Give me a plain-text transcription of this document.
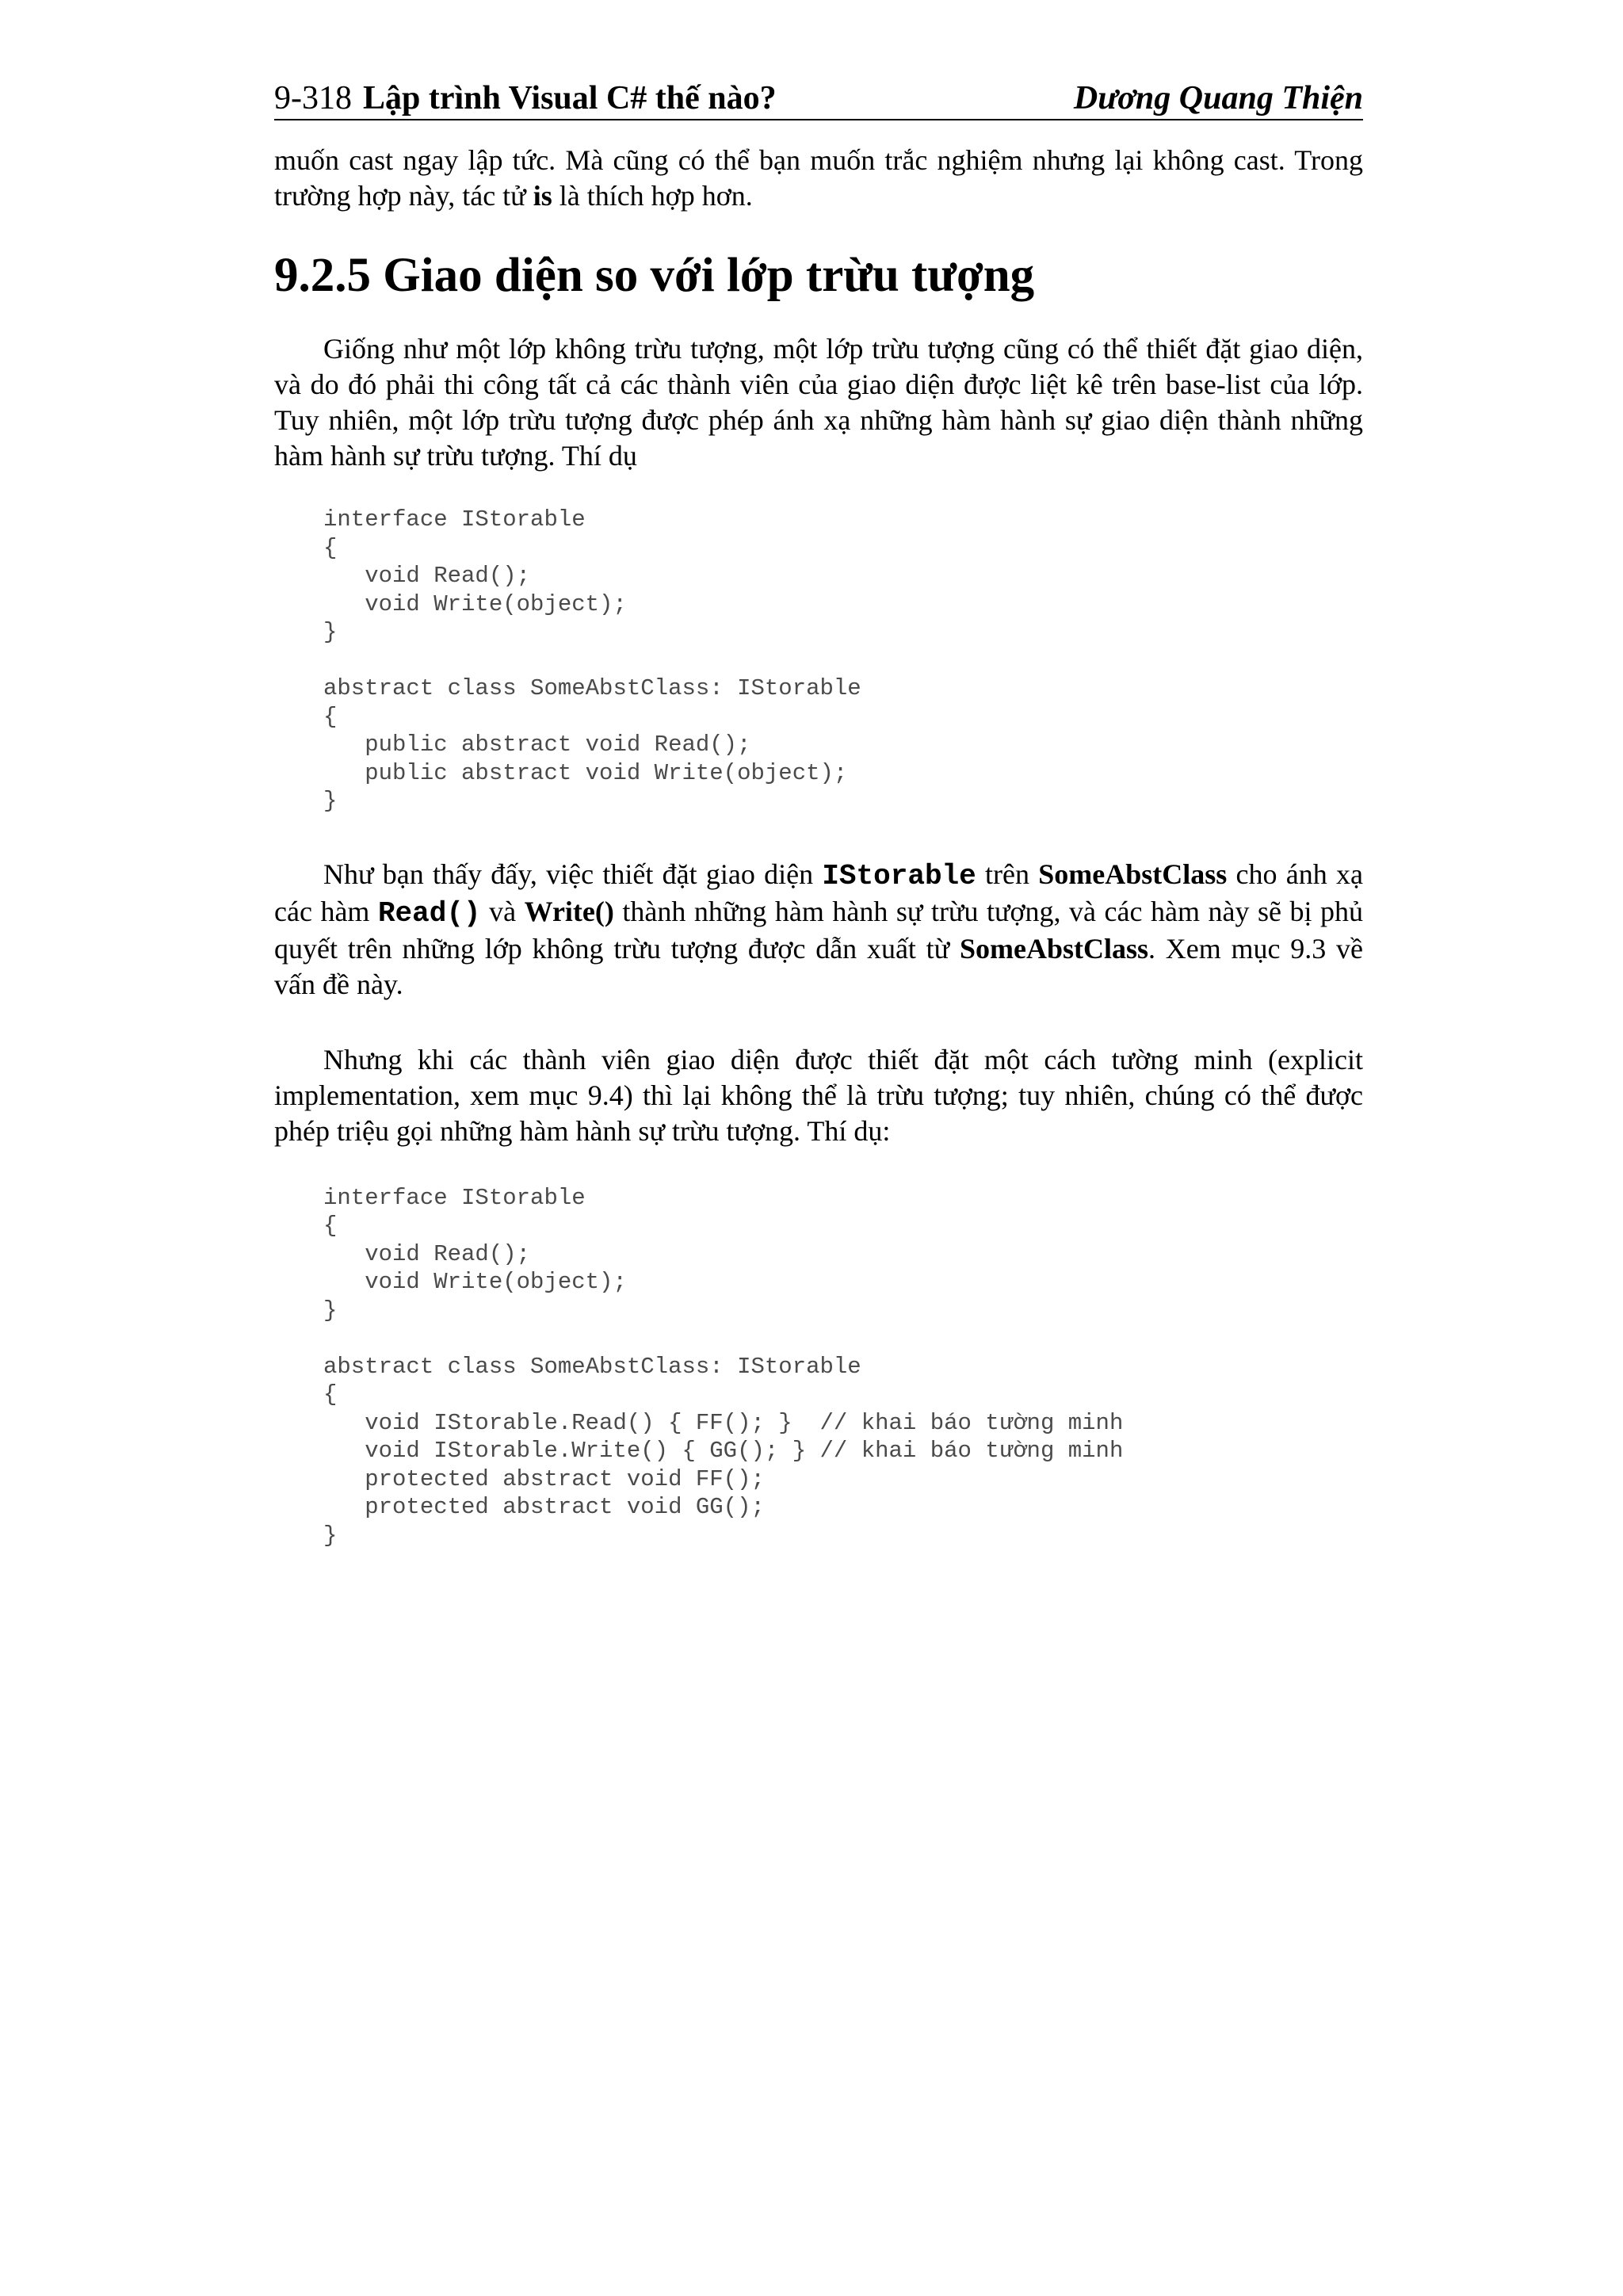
9-318 Lập trình Visual C# thế nào?	Dương Quang Thiện

muốn cast ngay lập tức. Mà cũng có thể bạn muốn trắc nghiệm nhưng lại không cast. Trong trường hợp này, tác tử is là thích hợp hơn.

9.2.5 Giao diện so với lớp trừu tượng

Giống như một lớp không trừu tượng, một lớp trừu tượng cũng có thể thiết đặt giao diện, và do đó phải thi công tất cả các thành viên của giao diện được liệt kê trên base-list của lớp. Tuy nhiên, một lớp trừu tượng được phép ánh xạ những hàm hành sự giao diện thành những hàm hành sự trừu tượng. Thí dụ

interface IStorable
{
void Read();
void Write(object);
}

abstract class SomeAbstClass: IStorable
{
public abstract void Read();
public abstract void Write(object);
}

Như bạn thấy đấy, việc thiết đặt giao diện IStorable trên SomeAbstClass cho ánh xạ các hàm Read() và Write() thành những hàm hành sự trừu tượng, và các hàm này sẽ bị phủ quyết trên những lớp không trừu tượng được dẫn xuất từ SomeAbstClass. Xem mục 9.3 về vấn đề này.

Nhưng khi các thành viên giao diện được thiết đặt một cách tường minh (explicit implementation, xem mục 9.4) thì lại không thể là trừu tượng; tuy nhiên, chúng có thể được phép triệu gọi những hàm hành sự trừu tượng. Thí dụ:

interface IStorable
{
void Read();
void Write(object);
}

abstract class SomeAbstClass: IStorable
{
void IStorable.Read() { FF(); }  // khai báo tường minh
void IStorable.Write() { GG(); } // khai báo tường minh
protected abstract void FF();
protected abstract void GG();
}
